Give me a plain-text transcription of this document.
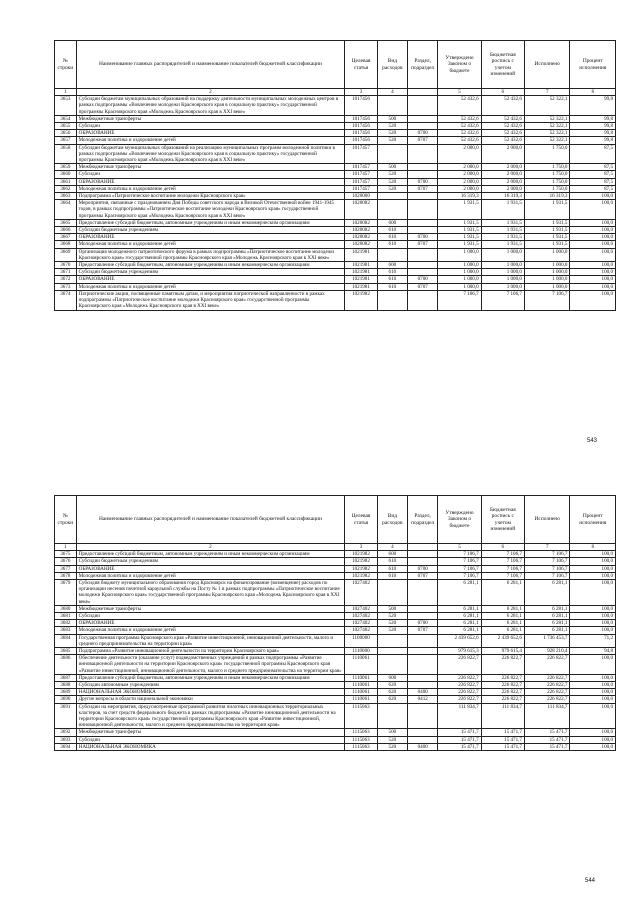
№ строки	Наименование главных распорядителей и наименование показателей бюджетной классификации	Целевая статья	Вид расходов	Раздел, подраздел	Утверждено Законом о бюджете	Бюджетная роспись с учетом изменений	Исполнено	Процент исполнения
1	2	3	4		5	6	7	8
3653	Субсидии бюджетам муниципальных образований на поддержку деятельности муниципальных молодежных центров в рамках подпрограммы «Вовлечение молодежи Красноярского края в социальную практику» государственной программы Красноярского края «Молодежь Красноярского края в XXI веке»	1017456			52 432,6	52 432,6	52 322,1	99,8
3654	Межбюджетные трансферты	1017456	500		52 432,6	52 432,6	52 322,1	99,8
3655	Субсидии	1017456	520		52 432,6	52 432,6	52 322,1	99,8
3656	ОБРАЗОВАНИЕ	1017456	520	0700	52 432,6	52 432,6	52 322,1	99,8
3657	Молодежная политика и оздоровление детей	1017456	520	0707	52 432,6	52 432,6	52 322,1	99,8
3658	Субсидии бюджетам муниципальных образований на реализацию муниципальных программ молодежной политики в рамках подпрограммы «Вовлечение молодежи Красноярского края в социальную практику» государственной программы Красноярского края «Молодежь Красноярского края в XXI веке»	1017457			2 000,0	2 000,0	1 750,0	87,5
3659	Межбюджетные трансферты	1017457	500		2 000,0	2 000,0	1 750,0	87,5
3660	Субсидии	1017457	520		2 000,0	2 000,0	1 750,0	87,5
3661	ОБРАЗОВАНИЕ	1017457	520	0700	2 000,0	2 000,0	1 750,0	87,5
3662	Молодежная политика и оздоровление детей	1017457	520	0707	2 000,0	2 000,0	1 750,0	87,5
3663	Подпрограмма «Патриотическое воспитание молодежи Красноярского края»	1020000			16 319,3	16 319,3	16 319,3	100,0
3664	Мероприятия, связанные с празднованием Дня Победы советского народа в Великой Отечественной войне 1941-1945 годов, в рамках подпрограммы «Патриотическое воспитание молодежи Красноярского края» государственной программы Красноярского края «Молодежь Красноярского края в XXI веке»	1020082			1 931,5	1 931,5	1 931,5	100,0
3665	Предоставление субсидий бюджетным, автономным учреждениям и иным некоммерческим организациям	1020082	600		1 931,5	1 931,5	1 931,5	100,0
3666	Субсидии бюджетным учреждениям	1020082	610		1 931,5	1 931,5	1 931,5	100,0
3667	ОБРАЗОВАНИЕ	1020082	610	0700	1 931,5	1 931,5	1 931,5	100,0
3668	Молодежная политика и оздоровление детей	1020082	610	0707	1 931,5	1 931,5	1 931,5	100,0
3669	Организация молодежного патриотического форума в рамках подпрограммы «Патриотическое воспитание молодежи Красноярского края» государственной программы Красноярского края «Молодежь Красноярского края в XXI веке»	1021981			1 000,0	1 000,0	1 000,0	100,0
3670	Предоставление субсидий бюджетным, автономным учреждениям и иным некоммерческим организациям	1021981	600		1 000,0	1 000,0	1 000,0	100,0
3671	Субсидии бюджетным учреждениям	1021981	610		1 000,0	1 000,0	1 000,0	100,0
3672	ОБРАЗОВАНИЕ	1021981	610	0700	1 000,0	1 000,0	1 000,0	100,0
3673	Молодежная политика и оздоровление детей	1021981	610	0707	1 000,0	1 000,0	1 000,0	100,0
3674	Патриотические акции, посвященные памятным датам, и мероприятия патриотической направленности в рамках подпрограммы «Патриотическое воспитание молодежи Красноярского края» государственной программы Красноярского края «Молодежь Красноярского края в XXI веке»	1021982			7 106,7	7 106,7	7 106,7	100,0
543
№ строки	Наименование главных распорядителей и наименование показателей бюджетной классификации	Целевая статья	Вид расходов	Раздел, подраздел	Утверждено Законом о бюджете	Бюджетная роспись с учетом изменений	Исполнено	Процент исполнения
1	2	3	4		5	6	7	8
3675	Предоставление субсидий бюджетным, автономным учреждениям и иным некоммерческим организациям	1021982	600		7 106,7	7 106,7	7 106,7	100,0
3676	Субсидии бюджетным учреждениям	1021982	610		7 106,7	7 106,7	7 106,7	100,0
3677	ОБРАЗОВАНИЕ	1021982	610	0700	7 106,7	7 106,7	7 106,7	100,0
3678	Молодежная политика и оздоровление детей	1021982	610	0707	7 106,7	7 106,7	7 106,7	100,0
3679	Субсидия бюджету муниципального образования город Красноярск на финансирование (возмещение) расходов по организации несения почетной караульной службы на Посту № 1 в рамках подпрограммы «Патриотическое воспитание молодежи Красноярского края» государственной программы Красноярского края «Молодежь Красноярского края в XXI веке»	1027402			6 281,1	6 281,1	6 281,1	100,0
3680	Межбюджетные трансферты	1027402	500		6 281,1	6 281,1	6 281,1	100,0
3681	Субсидии	1027402	520		6 281,1	6 281,1	6 281,1	100,0
3682	ОБРАЗОВАНИЕ	1027402	520	0700	6 281,1	6 281,1	6 281,1	100,0
3683	Молодежная политика и оздоровление детей	1027402	520	0707	6 281,1	6 281,1	6 281,1	100,0
3684	Государственная программа Красноярского края «Развитие инвестиционной, инновационной деятельности, малого и среднего предпринимательства на территории края»	1100000			2 439 652,6	2 439 652,6	1 736 453,7	71,2
3685	Подпрограмма «Развитие инновационной деятельности на территории Красноярского края»	1110000			979 615,3	979 615,4	928 210,4	94,8
3686	Обеспечение деятельности (оказание услуг) подведомственных учреждений в рамках подпрограммы «Развитие инновационной деятельности на территории Красноярского края» государственной программы Красноярского края «Развитие инвестиционной, инновационной деятельности, малого и среднего предпринимательства на территории края»	1110061			226 822,7	226 822,7	226 822,7	100,0
3687	Предоставление субсидий бюджетным, автономным учреждениям и иным некоммерческим организациям	1110061	600		226 822,7	226 822,7	226 822,7	100,0
3688	Субсидии автономным учреждениям	1110061	620		226 822,7	226 822,7	226 822,7	100,0
3689	НАЦИОНАЛЬНАЯ ЭКОНОМИКА	1110061	620	0400	226 822,7	226 822,7	226 822,7	100,0
3690	Другие вопросы в области национальной экономики	1110061	620	0412	226 822,7	226 822,7	226 822,7	100,0
3691	Субсидии на мероприятия, предусмотренные программой развития пилотных инновационных территориальных кластеров, за счет средств федерального бюджета в рамках подпрограммы «Развитие инновационной деятельности на территории Красноярского края» государственной программы Красноярского края «Развитие инвестиционной, инновационной деятельности, малого и среднего предпринимательства на территории края»	1115063			111 834,7	111 834,7	111 834,7	100,0
3692	Межбюджетные трансферты	1115063	500		15 471,7	15 471,7	15 471,7	100,0
3693	Субсидии	1115063	520		15 471,7	15 471,7	15 471,7	100,0
3694	НАЦИОНАЛЬНАЯ ЭКОНОМИКА	1115063	520	0400	15 471,7	15 471,7	15 471,7	100,0
544
